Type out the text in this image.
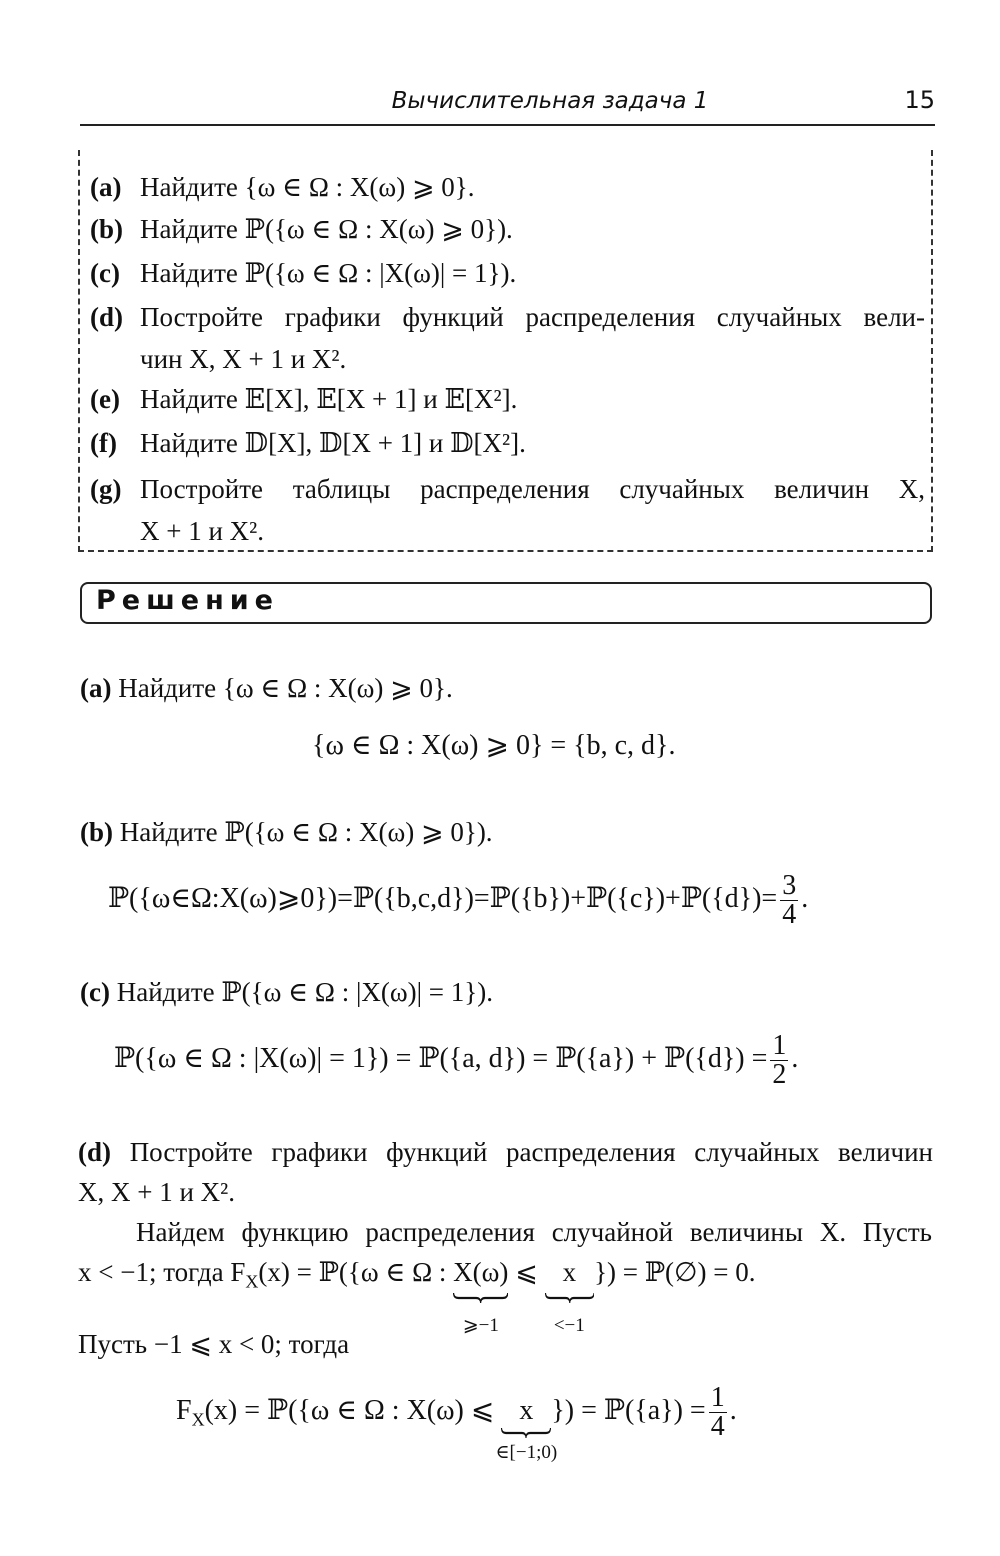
Вычислительная задача 1	15
(a) Найдите {ω ∈ Ω : X(ω) ⩾ 0}.
(b) Найдите ℙ({ω ∈ Ω : X(ω) ⩾ 0}).
(c) Найдите ℙ({ω ∈ Ω : |X(ω)| = 1}).
(d) Постройте графики функций распределения случайных вели-
чин X, X + 1 и X².
(e) Найдите 𝔼[X], 𝔼[X + 1] и 𝔼[X²].
(f) Найдите 𝔻[X], 𝔻[X + 1] и 𝔻[X²].
(g) Постройте таблицы распределения случайных величин X,
X + 1 и X².
Решение
(a) Найдите {ω ∈ Ω : X(ω) ⩾ 0}.
{ω ∈ Ω : X(ω) ⩾ 0} = {b, c, d}.
(b) Найдите ℙ({ω ∈ Ω : X(ω) ⩾ 0}).
ℙ({ω∈Ω:X(ω)⩾0})=ℙ({b,c,d})=ℙ({b})+ℙ({c})+ℙ({d})= $\frac{3}{4}$ .
(c) Найдите ℙ({ω ∈ Ω : |X(ω)| = 1}).
ℙ({ω ∈ Ω : |X(ω)| = 1}) = ℙ({a, d}) = ℙ({a}) + ℙ({d}) = $\frac{1}{2}$ .
(d) Постройте графики функций распределения случайных величин
X, X + 1 и X².
Найдем функцию распределения случайной величины X. Пусть
x < −1; тогда $F_X(x)$ = ℙ({ω ∈ Ω : X(ω)
⩾−1
⩽ x
<−1
}) = ℙ(∅) = 0.
Пусть −1 ⩽ x < 0; тогда
$F_X(x)$ = ℙ({ω ∈ Ω : X(ω) ⩽ x
∈[−1;0)
}) = ℙ({a}) = $\frac{1}{4}$ .
